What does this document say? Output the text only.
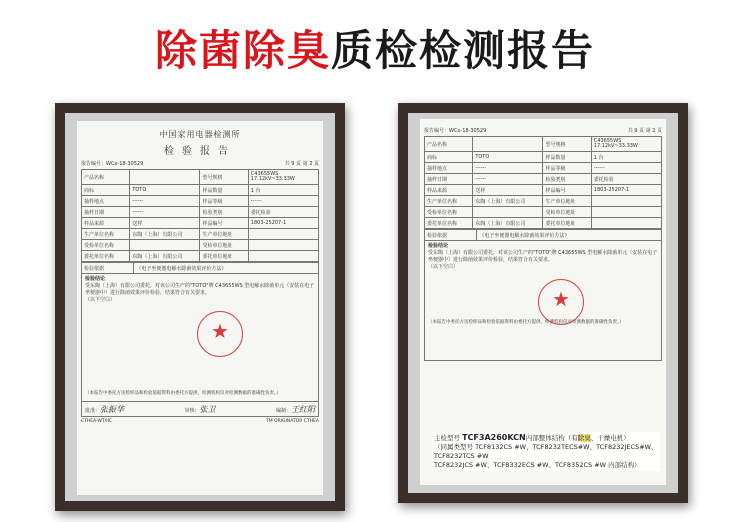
除菌除臭质检检测报告
中国家用电器检测所
检验报告
报告编号：WCx-18-30529	共 9 页 第 2 页
产品名称		型号规格	C43655WS
17.12kV~33.33W
商标	TOTO	样品数量	1 台
抽样地点	------	样品等级	------
抽样日期	------	检验类别	委托检验
样品来源	送样	样品编号	1803-25207-1
生产单位名称	东陶（上海）有限公司	生产单位地址	
受检单位名称		受检单位地址	
委托单位名称	东陶（上海）有限公司	委托单位地址	
检验依据	《电子坐便器电解水除菌效果评价方法》
检验结论
受东陶（上海）有限公司委托，对该公司生产的"TOTO"牌 C43655WS 型电解水除菌单元（安装在电子坐便器中）进行除菌效果评价检验，结果符合有关要求。
（以下空白）
（本报告中委托方送检样品和检验依据资料由委托方提供，检测机构仅对检测数据的准确性负责。）
批准：张振华	审核：张卫	编制：王红阳
CTHEA-WT/IIC	TM ORIGINATOR CTHEA
★
报告编号：WCx-18-30529	共 9 页 第 2 页
产品名称		型号规格	C43655WS
17.12kV~33.33W
商标	TOTO	样品数量	1 台
抽样地点	------	样品等级	------
抽样日期	------	检验类别	委托检验
样品来源	送样	样品编号	1803-25207-1
生产单位名称	东陶（上海）有限公司	生产单位地址	
受检单位名称		受检单位地址	
委托单位名称	东陶（上海）有限公司	委托单位地址	
检验依据	《电子坐便器电解水除菌效果评价方法》
检验结论
受东陶（上海）有限公司委托，对该公司生产的"TOTO"牌 C43655WS 型电解水除菌单元（安装在电子坐便器中）进行除菌效果评价检验，结果符合有关要求。
（以下空白）
（本报告中委托方送检样品和检验依据资料由委托方提供，检测机构仅对检测数据的准确性负责。）
★
主检型号 TCF3A260KCN内部整体结构（有除臭、干燥电机）
（同属类型号 TCF8132CS #W、TCF8232TECS#W、TCF8232JECS#W、TCF8232TCS #W
TCF8232JCS #W、TCF8332ECS #W、TCF8352CS #W 内部结构）
